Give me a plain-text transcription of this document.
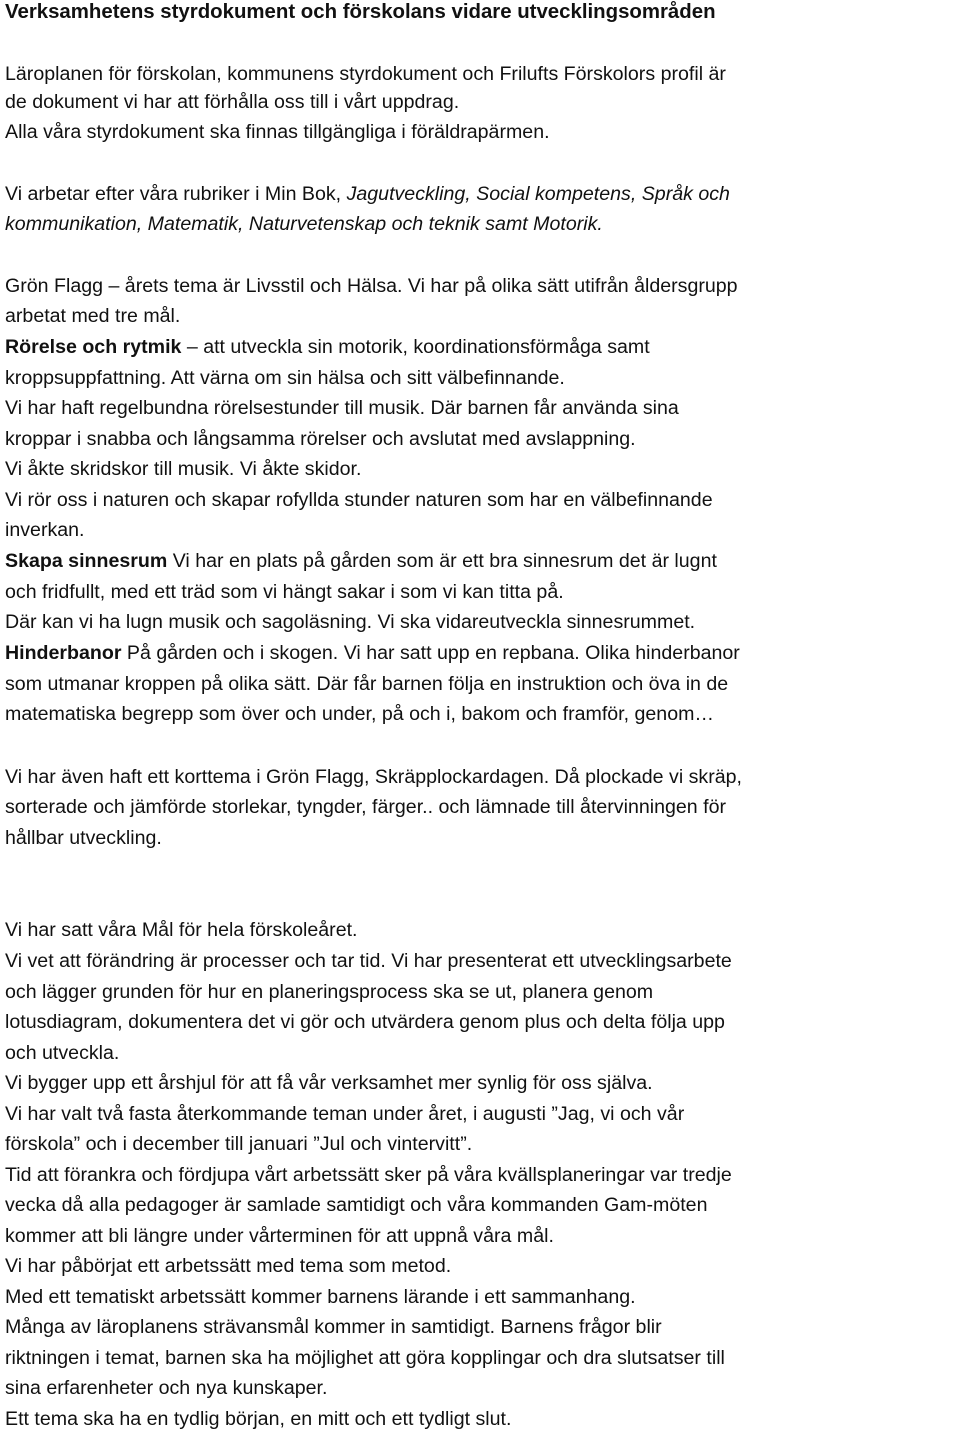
Verksamhetens styrdokument och förskolans vidare utvecklingsområden
Läroplanen för förskolan, kommunens styrdokument och Frilufts Förskolors profil är
de dokument vi har att förhålla oss till i vårt uppdrag.
Alla våra styrdokument ska finnas tillgängliga i föräldrapärmen.
Vi arbetar efter våra rubriker i Min Bok, Jagutveckling, Social kompetens, Språk och
kommunikation, Matematik, Naturvetenskap och teknik samt Motorik.
Grön Flagg – årets tema är Livsstil och Hälsa. Vi har på olika sätt utifrån åldersgrupp
arbetat med tre mål.
Rörelse och rytmik – att utveckla sin motorik, koordinationsförmåga samt
kroppsuppfattning. Att värna om sin hälsa och sitt välbefinnande.
Vi har haft regelbundna rörelsestunder till musik. Där barnen får använda sina
kroppar i snabba och långsamma rörelser och avslutat med avslappning.
Vi åkte skridskor till musik. Vi åkte skidor.
Vi rör oss i naturen och skapar rofyllda stunder naturen som har en välbefinnande
inverkan.
Skapa sinnesrum Vi har en plats på gården som är ett bra sinnesrum det är lugnt
och fridfullt, med ett träd som vi hängt sakar i som vi kan titta på.
Där kan vi ha lugn musik och sagoläsning. Vi ska vidareutveckla sinnesrummet.
Hinderbanor På gården och i skogen. Vi har satt upp en repbana. Olika hinderbanor
som utmanar kroppen på olika sätt. Där får barnen följa en instruktion och öva in de
matematiska begrepp som över och under, på och i, bakom och framför, genom…
Vi har även haft ett korttema i Grön Flagg, Skräpplockardagen. Då plockade vi skräp,
sorterade och jämförde storlekar, tyngder, färger.. och lämnade till återvinningen för
hållbar utveckling.
Vi har satt våra Mål för hela förskoleåret.
Vi vet att förändring är processer och tar tid. Vi har presenterat ett utvecklingsarbete
och lägger grunden för hur en planeringsprocess ska se ut, planera genom
lotusdiagram, dokumentera det vi gör och utvärdera genom plus och delta följa upp
och utveckla.
Vi bygger upp ett årshjul för att få vår verksamhet mer synlig för oss själva.
Vi har valt två fasta återkommande teman under året, i augusti ”Jag, vi och vår
förskola” och i december till januari ”Jul och vintervitt”.
Tid att förankra och fördjupa vårt arbetssätt sker på våra kvällsplaneringar var tredje
vecka då alla pedagoger är samlade samtidigt och våra kommanden Gam-möten
kommer att bli längre under vårterminen för att uppnå våra mål.
Vi har påbörjat ett arbetssätt med tema som metod.
Med ett tematiskt arbetssätt kommer barnens lärande i ett sammanhang.
Många av läroplanens strävansmål kommer in samtidigt. Barnens frågor blir
riktningen i temat, barnen ska ha möjlighet att göra kopplingar och dra slutsatser till
sina erfarenheter och nya kunskaper.
Ett tema ska ha en tydlig början, en mitt och ett tydligt slut.
